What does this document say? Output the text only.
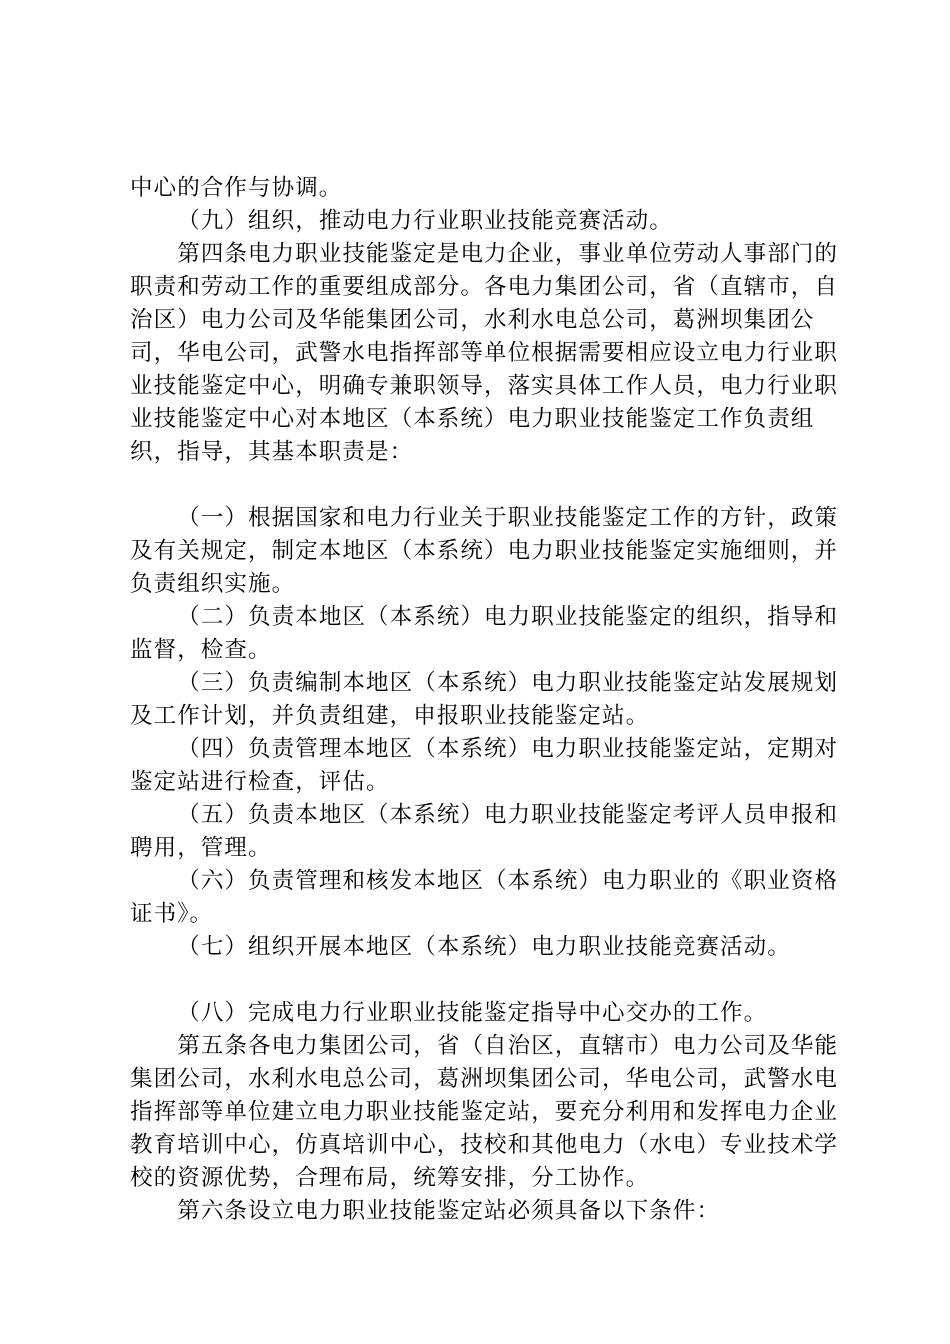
中心的合作与协调。

（九）组织，推动电力行业职业技能竞赛活动。

第四条电力职业技能鉴定是电力企业，事业单位劳动人事部门的职责和劳动工作的重要组成部分。各电力集团公司，省（直辖市，自治区）电力公司及华能集团公司，水利水电总公司，葛洲坝集团公司，华电公司，武警水电指挥部等单位根据需要相应设立电力行业职业技能鉴定中心，明确专兼职领导，落实具体工作人员，电力行业职业技能鉴定中心对本地区（本系统）电力职业技能鉴定工作负责组织，指导，其基本职责是：

（一）根据国家和电力行业关于职业技能鉴定工作的方针，政策及有关规定，制定本地区（本系统）电力职业技能鉴定实施细则，并负责组织实施。

（二）负责本地区（本系统）电力职业技能鉴定的组织，指导和监督，检查。

（三）负责编制本地区（本系统）电力职业技能鉴定站发展规划及工作计划，并负责组建，申报职业技能鉴定站。

（四）负责管理本地区（本系统）电力职业技能鉴定站，定期对鉴定站进行检查，评估。

（五）负责本地区（本系统）电力职业技能鉴定考评人员申报和聘用，管理。

（六）负责管理和核发本地区（本系统）电力职业的《职业资格证书》。

（七）组织开展本地区（本系统）电力职业技能竞赛活动。

（八）完成电力行业职业技能鉴定指导中心交办的工作。

第五条各电力集团公司，省（自治区，直辖市）电力公司及华能集团公司，水利水电总公司，葛洲坝集团公司，华电公司，武警水电指挥部等单位建立电力职业技能鉴定站，要充分利用和发挥电力企业教育培训中心，仿真培训中心，技校和其他电力（水电）专业技术学校的资源优势，合理布局，统筹安排，分工协作。

第六条设立电力职业技能鉴定站必须具备以下条件：
